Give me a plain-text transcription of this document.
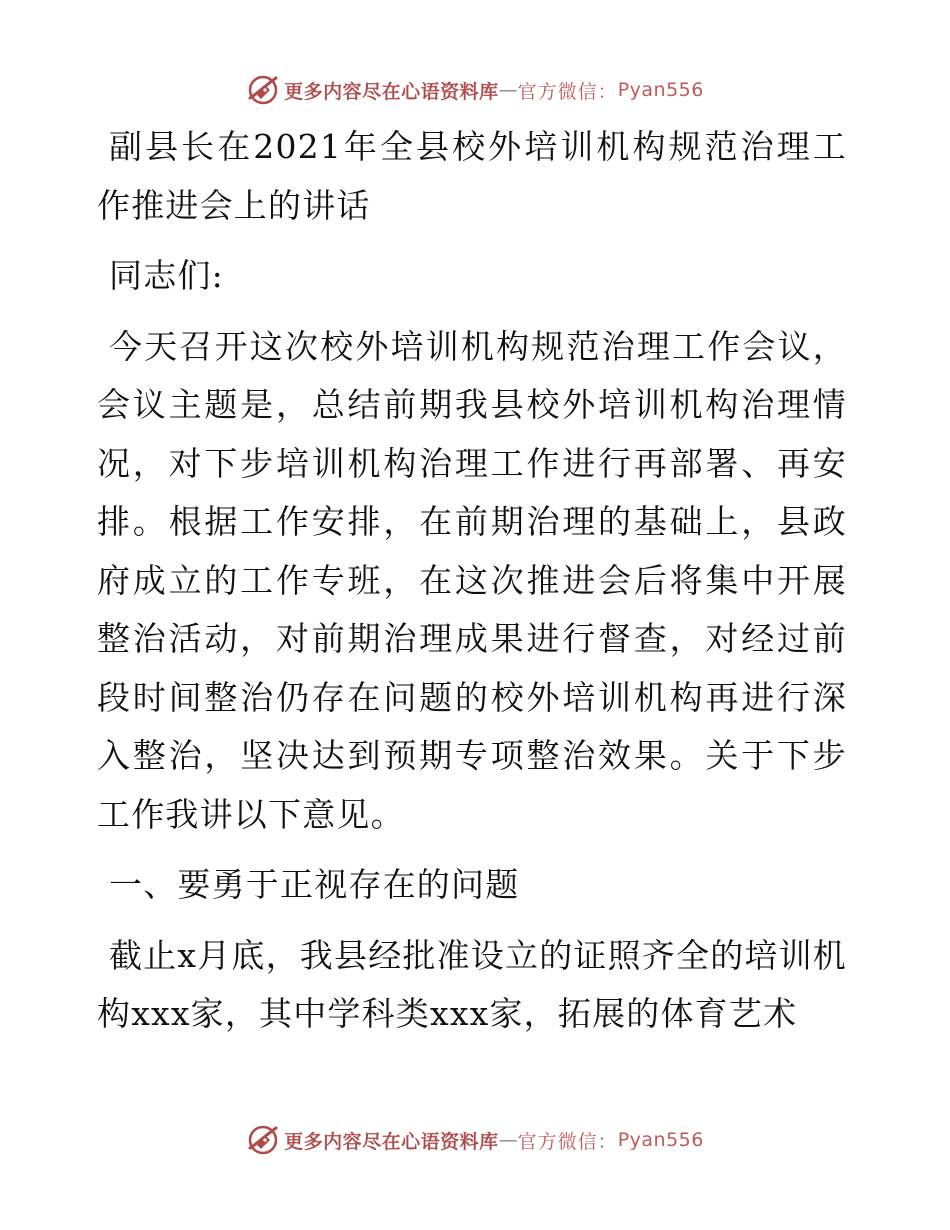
更多内容尽在心语资料库 — 官方微信： Pyan556

副县长在2021年全县校外培训机构规范治理工作推进会上的讲话

同志们:

今天召开这次校外培训机构规范治理工作会议，会议主题是，总结前期我县校外培训机构治理情况，对下步培训机构治理工作进行再部署、再安排。根据工作安排，在前期治理的基础上，县政府成立的工作专班，在这次推进会后将集中开展整治活动，对前期治理成果进行督查，对经过前段时间整治仍存在问题的校外培训机构再进行深入整治，坚决达到预期专项整治效果。关于下步工作我讲以下意见。

一、要勇于正视存在的问题

截止x月底，我县经批准设立的证照齐全的培训机构xxx家，其中学科类xxx家，拓展的体育艺术

更多内容尽在心语资料库 — 官方微信： Pyan556
